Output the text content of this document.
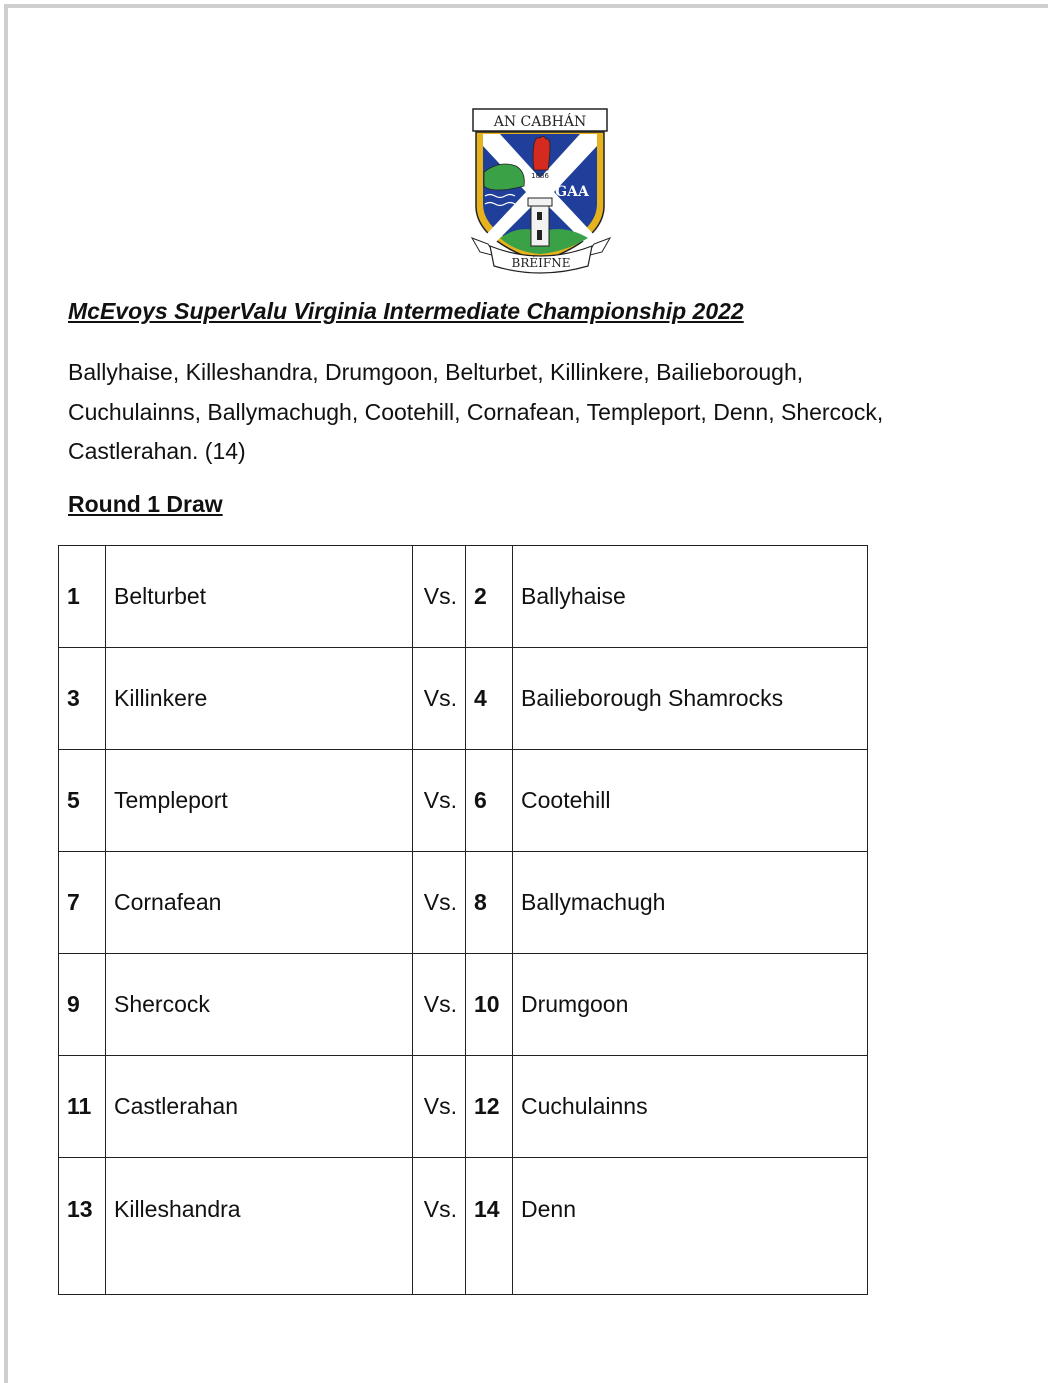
AN CABHÁN
1886
GAA
BRÉIFNE
McEvoys SuperValu Virginia Intermediate Championship 2022
Ballyhaise, Killeshandra, Drumgoon, Belturbet, Killinkere, Bailieborough,
Cuchulainns, Ballymachugh, Cootehill, Cornafean, Templeport, Denn, Shercock,
Castlerahan. (14)
Round 1 Draw
1	Belturbet	Vs.	2	Ballyhaise
3	Killinkere	Vs.	4	Bailieborough Shamrocks
5	Templeport	Vs.	6	Cootehill
7	Cornafean	Vs.	8	Ballymachugh
9	Shercock	Vs.	10	Drumgoon
11	Castlerahan	Vs.	12	Cuchulainns
13	Killeshandra	Vs.	14	Denn
